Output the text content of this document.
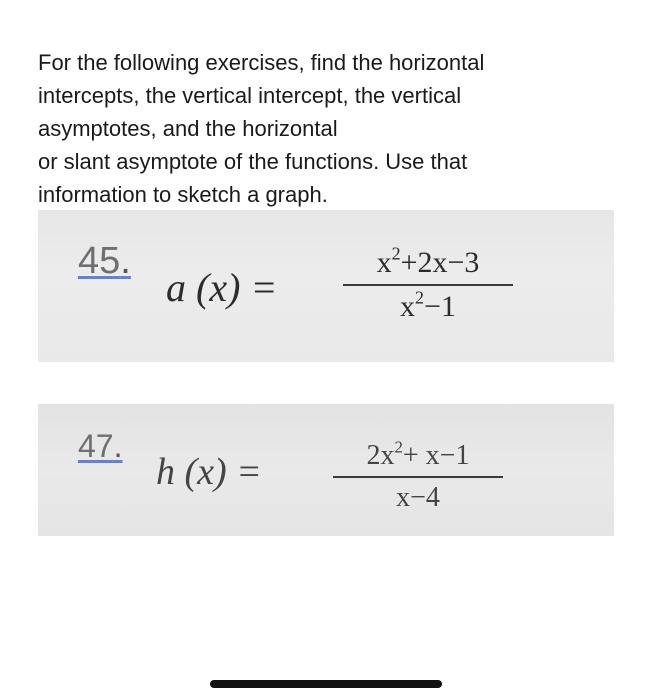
For the following exercises, find the horizontal
intercepts, the vertical intercept, the vertical
asymptotes, and the horizontal
or slant asymptote of the functions. Use that
information to sketch a graph.
45.
a (x) =
$x^2+2x-3$
$x^2-1$
47.
h (x) =	$2x^2+ x-1$
x−4
